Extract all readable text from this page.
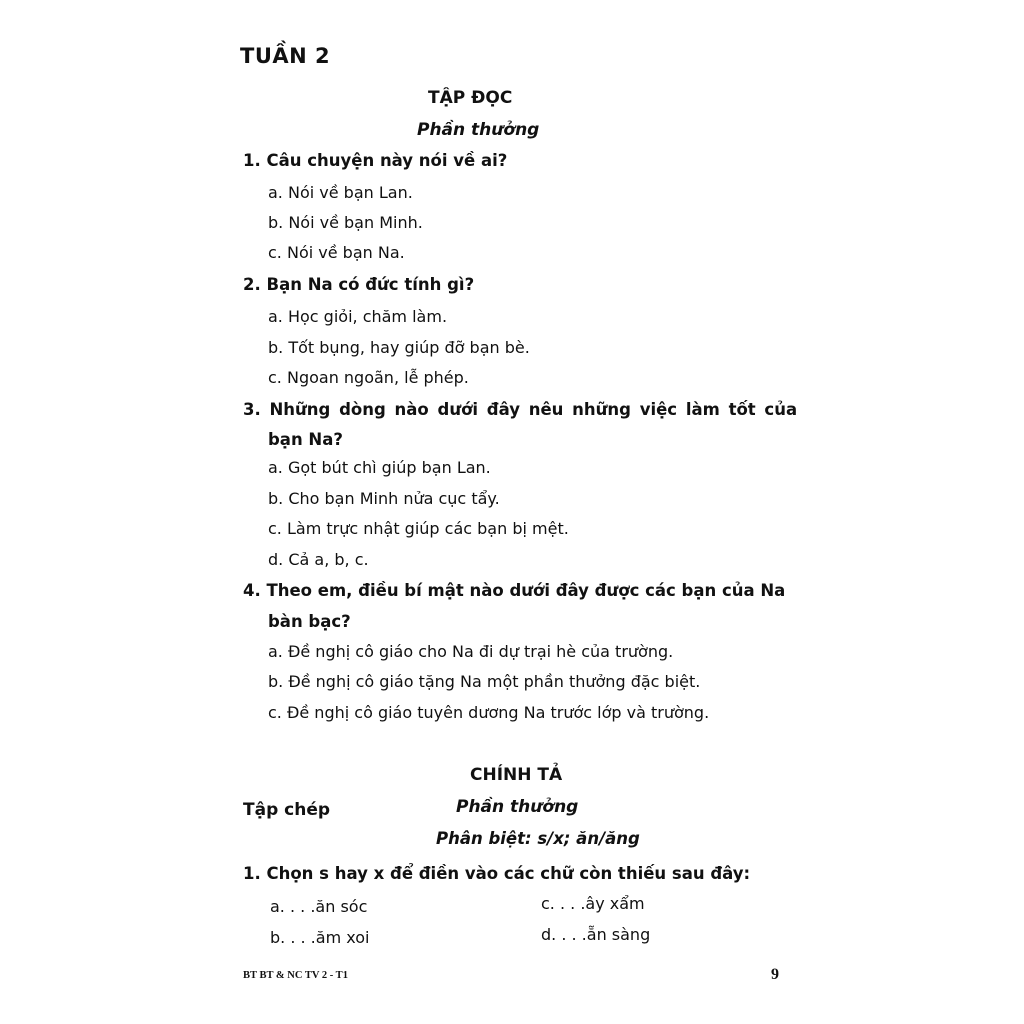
TUẦN 2
TẬP ĐỌC
Phần thưởng
1. Câu chuyện này nói về ai?
a. Nói về bạn Lan.
b. Nói về bạn Minh.
c. Nói về bạn Na.
2. Bạn Na có đức tính gì?
a. Học giỏi, chăm làm.
b. Tốt bụng, hay giúp đỡ bạn bè.
c. Ngoan ngoãn, lễ phép.
3. Những dòng nào dưới đây nêu những việc làm tốt của
bạn Na?
a. Gọt bút chì giúp bạn Lan.
b. Cho bạn Minh nửa cục tẩy.
c. Làm trực nhật giúp các bạn bị mệt.
d. Cả a, b, c.
4. Theo em, điều bí mật nào dưới đây được các bạn của Na
bàn bạc?
a. Đề nghị cô giáo cho Na đi dự trại hè của trường.
b. Đề nghị cô giáo tặng Na một phần thưởng đặc biệt.
c. Đề nghị cô giáo tuyên dương Na trước lớp và trường.
CHÍNH TẢ
Tập chép	Phần thưởng
Phân biệt: s/x; ăn/ăng
1. Chọn s hay x để điền vào các chữ còn thiếu sau đây:
a. . . .ăn sóc
b. . . .ăm xoi
c. . . .ây xẩm
d. . . .ẵn sàng
BT BT & NC TV 2 - T1	9
